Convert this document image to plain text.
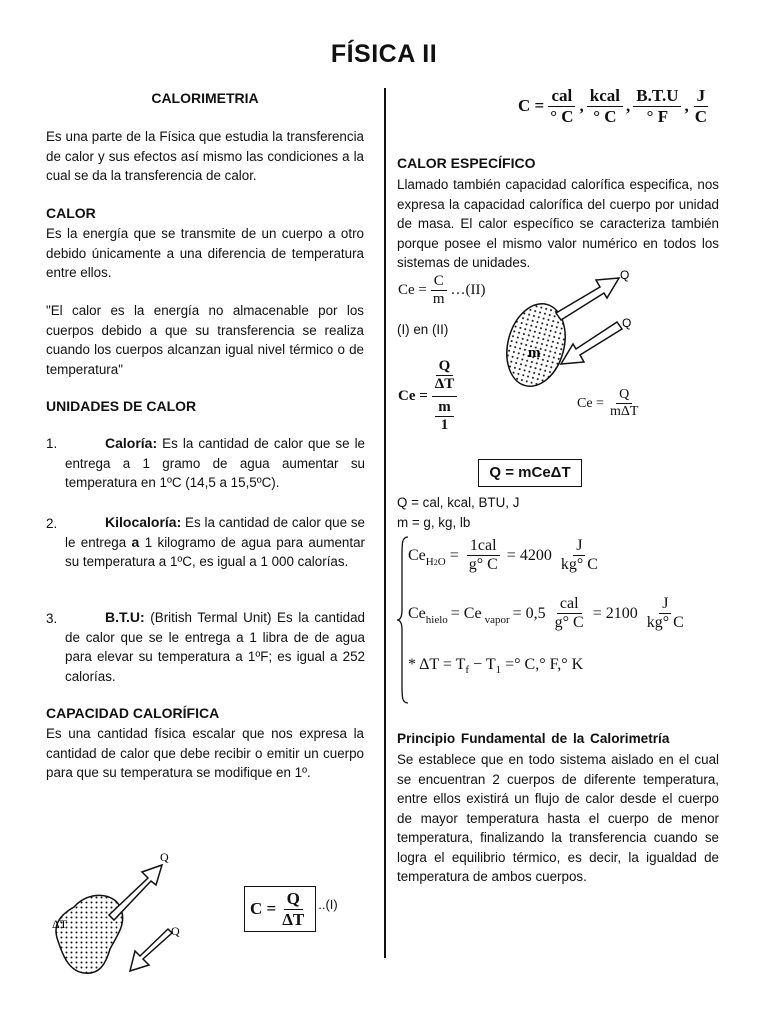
FÍSICA II
CALORIMETRIA
Es una parte de la Física que estudia la transferencia de calor y sus efectos así mismo las condiciones a la cual se da la transferencia de calor.
CALOR
Es la energía que se transmite de un cuerpo a otro debido únicamente a una diferencia de temperatura entre ellos.
"El calor es la energía no almacenable por los cuerpos debido a que su transferencia se realiza cuando los cuerpos alcanzan igual nivel térmico o de temperatura"
UNIDADES DE CALOR
1.	Caloría: Es la cantidad de calor que se le entrega a 1 gramo de agua aumentar su temperatura en 1ºC (14,5 a 15,5ºC).
2.	Kilocaloría: Es la cantidad de calor que se le entrega a 1 kilogramo de agua para aumentar su temperatura a 1ºC, es igual a 1 000 calorías.
3.	B.T.U: (British Termal Unit) Es la cantidad de calor que se le entrega a 1 libra de de agua para elevar su temperatura a 1ºF; es igual a 252 calorías.
CAPACIDAD CALORÍFICA
Es una cantidad física escalar que nos expresa la cantidad de calor que debe recibir o emitir un cuerpo para que su temperatura se modifique en 1º.
Q
Q
ΔT
$C = \frac{Q}{\Delta T} ..(I)$
$C = \frac{\text{cal}}{^\circ C}$ , $\frac{\text{kcal}}{^\circ C}$ , $\frac{B.T.U}{^\circ F}$ , $\frac{J}{C}$
CALOR ESPECÍFICO
Llamado también capacidad calorífica especifica, nos expresa la capacidad calorífica del cuerpo por unidad de masa. El calor específico se caracteriza también porque posee el mismo valor numérico en todos los sistemas de unidades.
$Ce = \frac{C}{m}$ …(II)
(I) en (II)
m
Q
Q
$Ce = \frac{\frac{Q}{\Delta T}}{\frac{m}{1}}$	$Ce = \frac{Q}{\text{mΔT}}$
Q = mCeΔT
Q = cal, kcal, BTU, J
m = g, kg, lb
Ce $H2O = \frac{\text{1cal}}{g^\circ C} = 4200 \frac{J}{kg^\circ C}$
Ce hielo = Ce vapor = $0,5 \frac{\text{cal}}{g^\circ C} = 2100 \frac{J}{kg^\circ C}$
* $\Delta T = T_f - T_1$ =° C,° F,° K
Principio Fundamental de la Calorimetría
Se establece que en todo sistema aislado en el cual se encuentran 2 cuerpos de diferente temperatura, entre ellos existirá un flujo de calor desde el cuerpo de mayor temperatura hasta el cuerpo de menor temperatura, finalizando la transferencia cuando se logra el equilibrio térmico, es decir, la igualdad de temperatura de ambos cuerpos.
